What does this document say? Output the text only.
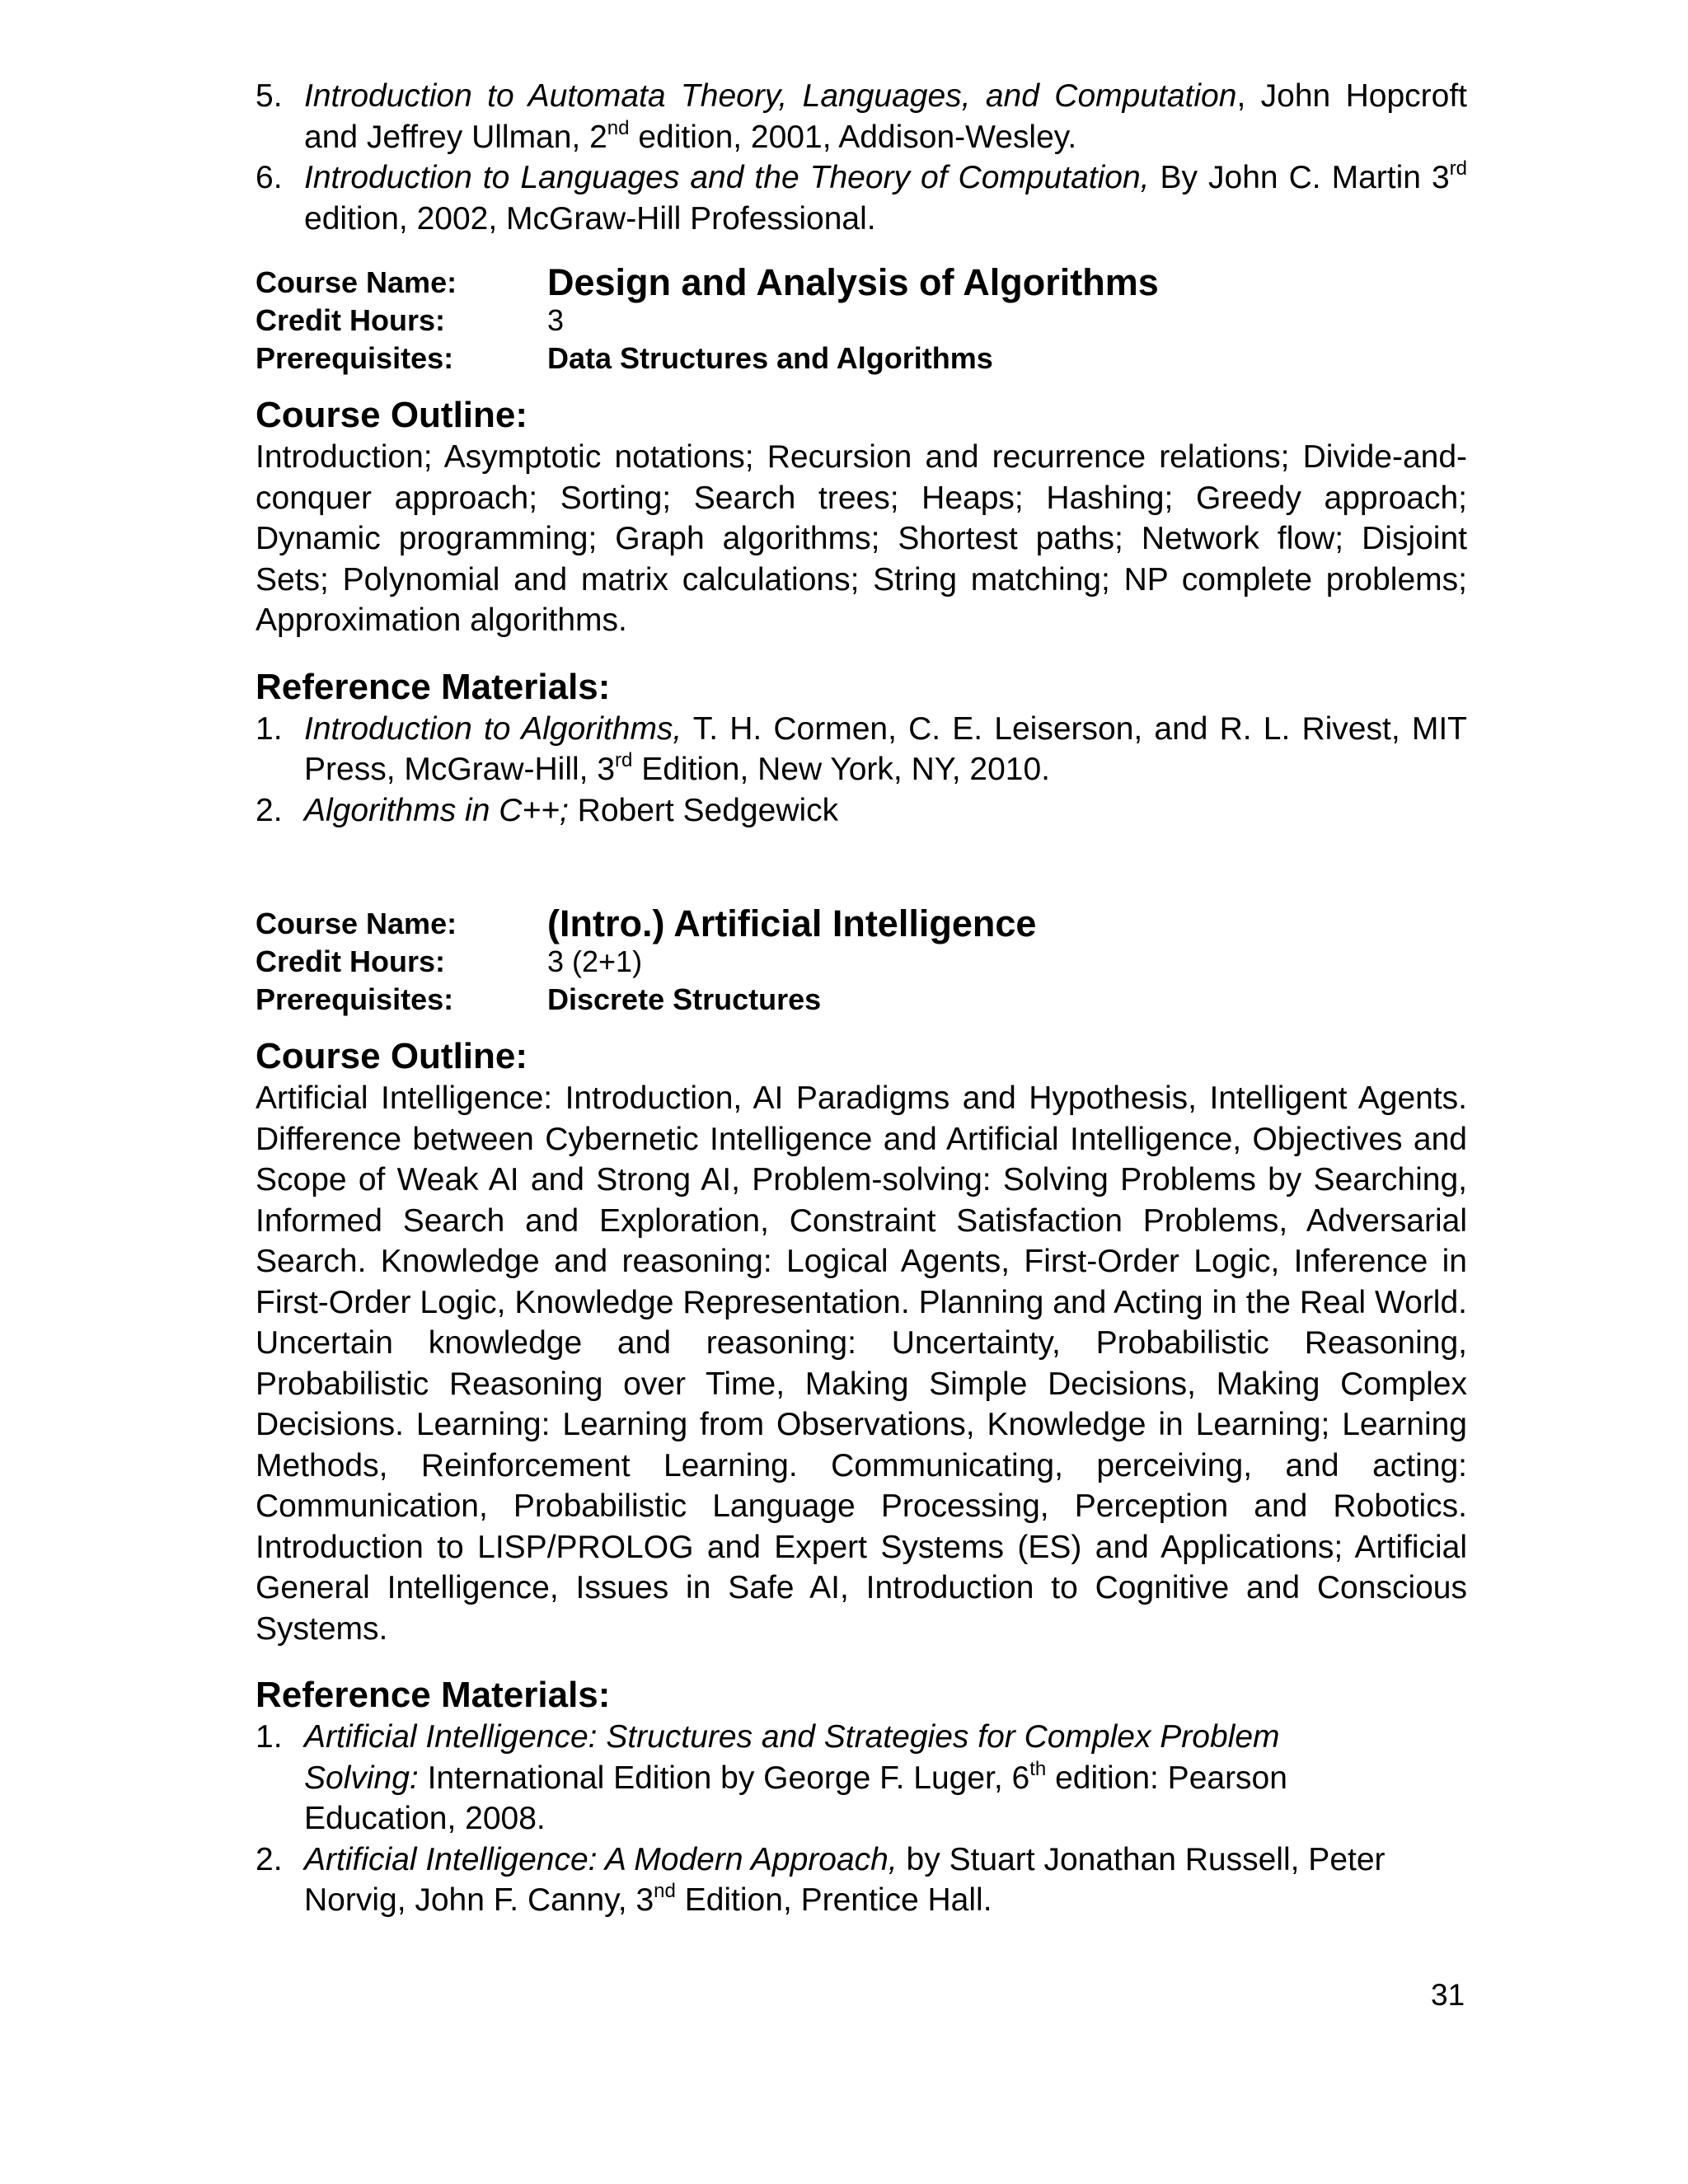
5. Introduction to Automata Theory, Languages, and Computation, John Hopcroft and Jeffrey Ullman, 2nd edition, 2001, Addison-Wesley.
6. Introduction to Languages and the Theory of Computation, By John C. Martin 3rd edition, 2002, McGraw-Hill Professional.
Course Name:	Design and Analysis of Algorithms
Credit Hours:	3
Prerequisites:	Data Structures and Algorithms
Course Outline:

Introduction; Asymptotic notations; Recursion and recurrence relations; Divide-and-conquer approach; Sorting; Search trees; Heaps; Hashing; Greedy approach; Dynamic programming; Graph algorithms; Shortest paths; Network flow; Disjoint Sets; Polynomial and matrix calculations; String matching; NP complete problems; Approximation algorithms.

Reference Materials:
1. Introduction to Algorithms, T. H. Cormen, C. E. Leiserson, and R. L. Rivest, MIT Press, McGraw-Hill, 3rd Edition, New York, NY, 2010.
2. Algorithms in C++; Robert Sedgewick
Course Name:	(Intro.) Artificial Intelligence
Credit Hours:	3 (2+1)
Prerequisites:	Discrete Structures
Course Outline:

Artificial Intelligence: Introduction, AI Paradigms and Hypothesis, Intelligent Agents. Difference between Cybernetic Intelligence and Artificial Intelligence, Objectives and Scope of Weak AI and Strong AI, Problem-solving: Solving Problems by Searching, Informed Search and Exploration, Constraint Satisfaction Problems, Adversarial Search. Knowledge and reasoning: Logical Agents, First-Order Logic, Inference in First-Order Logic, Knowledge Representation. Planning and Acting in the Real World. Uncertain knowledge and reasoning: Uncertainty, Probabilistic Reasoning, Probabilistic Reasoning over Time, Making Simple Decisions, Making Complex Decisions. Learning: Learning from Observations, Knowledge in Learning; Learning Methods, Reinforcement Learning. Communicating, perceiving, and acting: Communication, Probabilistic Language Processing, Perception and Robotics. Introduction to LISP/PROLOG and Expert Systems (ES) and Applications; Artificial General Intelligence, Issues in Safe AI, Introduction to Cognitive and Conscious Systems.

Reference Materials:
1. Artificial Intelligence: Structures and Strategies for Complex Problem Solving: International Edition by George F. Luger, 6th edition: Pearson Education, 2008.
2. Artificial Intelligence: A Modern Approach, by Stuart Jonathan Russell, Peter Norvig, John F. Canny, 3nd Edition, Prentice Hall.
31
